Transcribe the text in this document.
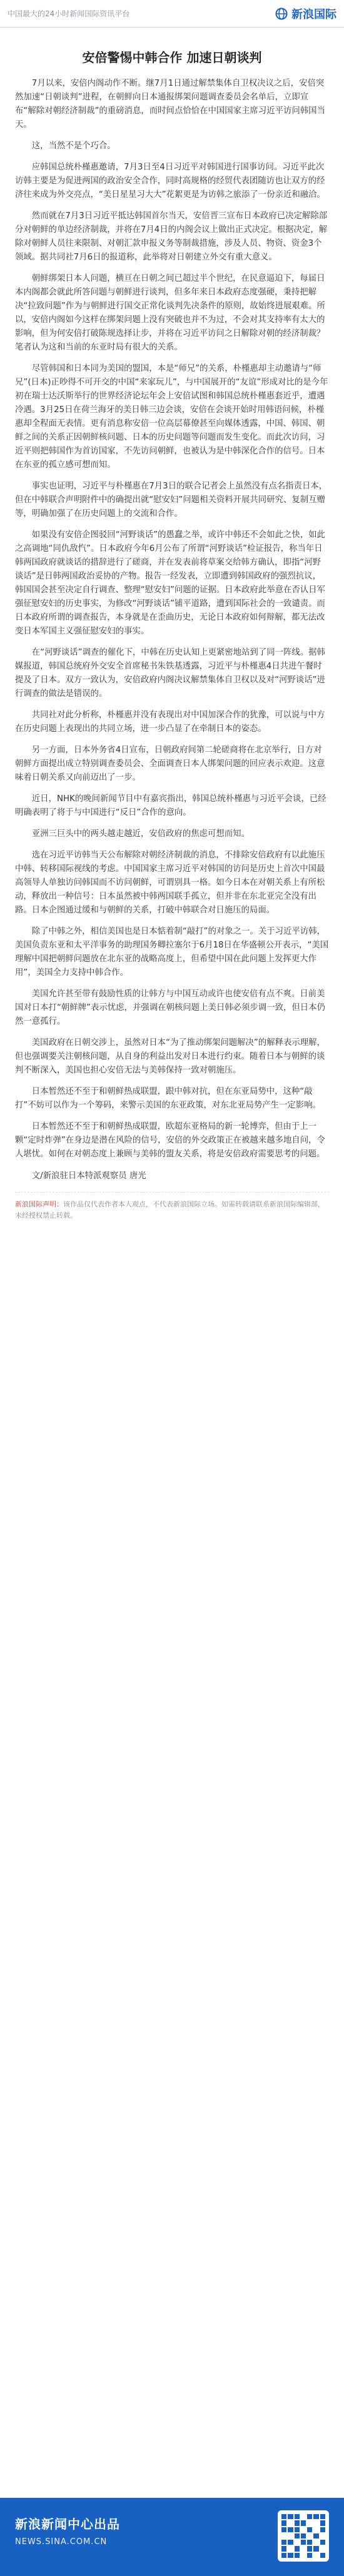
中国最大的24小时新闻国际资讯平台	新浪国际
安倍警惕中韩合作 加速日朝谈判

7月以来，安倍内阁动作不断。继7月1日通过解禁集体自卫权决议之后，安倍突然加速“日朝谈判”进程，在朝鲜向日本通报绑架问题调查委员会名单后，立即宣布“解除对朝经济制裁”的重磅消息，而时间点恰恰在中国国家主席习近平访问韩国当天。

这，当然不是个巧合。

应韩国总统朴槿惠邀请，7月3日至4日习近平对韩国进行国事访问。习近平此次访韩主要是为促进两国的政治安全合作，同时高规格的经贸代表团随访也让双方的经济往来成为外交亮点，“美日星星习大大”花絮更是为访韩之旅添了一份亲近和融洽。

然而就在7月3日习近平抵达韩国首尔当天，安倍晋三宣布日本政府已决定解除部分对朝鲜的单边经济制裁，并将在7月4日的内阁会议上做出正式决定。根据决定，解除对朝鲜人员往来限制、对朝汇款申报义务等制裁措施，涉及人员、物资、资金3个领域。据共同社7月6日的报道称，此举将对日朝建立外交有重大意义。

朝鲜绑架日本人问题，横亘在日朝之间已超过半个世纪，在民意逼迫下，每届日本内阁都会就此所答问题与朝鲜进行谈判，但多年来日本政府态度强硬，秉持把解决“拉致问题”作为与朝鲜进行国交正常化谈判先决条件的原则，故始终进展艰难。所以，安倍内阁如今这样在绑架问题上没有突破也并不为过，不会对其支持率有太大的影响，但为何安倍打破陈规选择让步，并将在习近平访问之日解除对朝的经济制裁？笔者认为这和当前的东亚时局有很大的关系。

尽管韩国和日本同为美国的盟国，本是“师兄”的关系，朴槿惠却主动邀请与“师兄”(日本)正吵得不可开交的中国“来家玩儿”，与中国展开的“友谊”形成对比的是今年初在瑞士达沃斯举行的世界经济论坛年会上安倍试图和韩国总统朴槿惠套近乎，遭遇冷遇。3月25日在荷兰海牙的美日韩三边会谈，安倍在会谈开始时用韩语问候，朴槿惠却全程面无表情。更有消息称安倍一位高层幕僚甚至向媒体透露，中国、韩国、朝鲜之间的关系正因朝鲜核问题、日本的历史问题等问题而发生变化。而此次访问，习近平则把韩国作为首访国家，不先访问朝鲜，也被认为是中韩深化合作的信号。日本在东亚的孤立感可想而知。

事实也证明，习近平与朴槿惠在7月3日的联合记者会上虽然没有点名指责日本，但在中韩联合声明附件中的确提出就“慰安妇”问题相关资料开展共同研究、复制互赠等，明确加强了在历史问题上的交流和合作。

如果没有安倍企图驳回“河野谈话”的愚蠢之举，或许中韩还不会如此之快，如此之高调地“同仇敌忾”。日本政府今年6月公布了所谓“河野谈话”检证报告，称当年日韩两国政府就谈话的措辞进行了磋商，并在发表前将草案交给韩方确认，即指“河野谈话”是日韩两国政治妥协的产物。报告一经发表，立即遭到韩国政府的强烈抗议，韩国国会甚至决定自行调查、整理“慰安妇”问题的证据。日本政府此举意在否认日军强征慰安妇的历史事实，为修改“河野谈话”铺平道路，遭到国际社会的一致谴责。而日本政府所谓的调查报告，本身就是在歪曲历史，无论日本政府如何辩解，都无法改变日本军国主义强征慰安妇的事实。

在“河野谈话”调查的催化下，中韩在历史认知上更紧密地站到了同一阵线。据韩媒报道，韩国总统府外交安全首席秘书朱铁基透露，习近平与朴槿惠4日共进午餐时提及了日本。双方一致认为，安倍政府内阁决议解禁集体自卫权以及对“河野谈话”进行调查的做法是错误的。

共同社对此分析称，朴槿惠并没有表现出对中国加深合作的犹豫，可以说与中方在历史问题上表现出的共同立场，进一步凸显了在牵制日本的姿态。

另一方面，日本外务省4日宣布，日朝政府间第二轮磋商将在北京举行，日方对朝鲜方面提出成立特别调查委员会、全面调查日本人绑架问题的回应表示欢迎。这意味着日朝关系又向前迈出了一步。

近日，NHK的晚间新闻节目中有嘉宾指出，韩国总统朴槿惠与习近平会谈，已经明确表明了将于与中国进行“反日”合作的意向。

亚洲三巨头中的两头越走越近，安倍政府的焦虑可想而知。

选在习近平访韩当天公布解除对朝经济制裁的消息，不排除安倍政府有以此施压中韩、转移国际视线的考虑。中国国家主席习近平对韩国的访问是历史上首次中国最高领导人单独访问韩国而不访问朝鲜，可谓别具一格。如今日本在对朝关系上有所松动，释放出一种信号：日本虽然被中韩两国联手孤立，但并非在东北亚完全没有出路。日本企图通过缓和与朝鲜的关系，打破中韩联合对日施压的局面。

除了中韩之外，相信美国也是日本惦着制“敲打”的对象之一。关于习近平访韩，美国负责东亚和太平洋事务的助理国务卿拉塞尔于6月18日在华盛顿公开表示，“美国理解中国把朝鲜问题放在北东亚的战略高度上，但希望中国在此问题上发挥更大作用”，美国全力支持中韩合作。

美国允许甚至带有鼓励性质的让韩方与中国互动或许也使安倍有点不爽。日前美国对日本打“朝鲜牌”表示忧虑，并强调在朝核问题上美日韩必须步调一致，但日本仍然一意孤行。

美国政府在日朝交涉上，虽然对日本“为了推动绑架问题解决”的解释表示理解，但也强调要关注朝核问题，从自身的利益出发对日本进行约束。随着日本与朝鲜的谈判不断深入，美国也担心安倍无法与美韩保持一致对朝施压。

日本暂然还不至于和朝鲜热成联盟，跟中韩对抗，但在东亚局势中，这种“敲打”不妨可以作为一个筹码，来警示美国的东亚政策，对东北亚局势产生一定影响。

日本暂然还不至于和朝鲜热成联盟，欧超东亚格局的新一轮博弈，但由于上一颗“定时炸弹”在身边是潜在风险的信号，安倍的外交政策正在被越来越多地自问，令人堪忧。如何在对朝态度上兼顾与美韩的盟友关系，将是安倍政府需要思考的问题。

文/新浪驻日本特派观察员 唐光
新浪国际声明：该作品仅代表作者本人观点，不代表新浪国际立场。如需转载请联系新浪国际编辑部，未经授权禁止转载。
新浪新闻中心出品
NEWS.SINA.COM.CN
